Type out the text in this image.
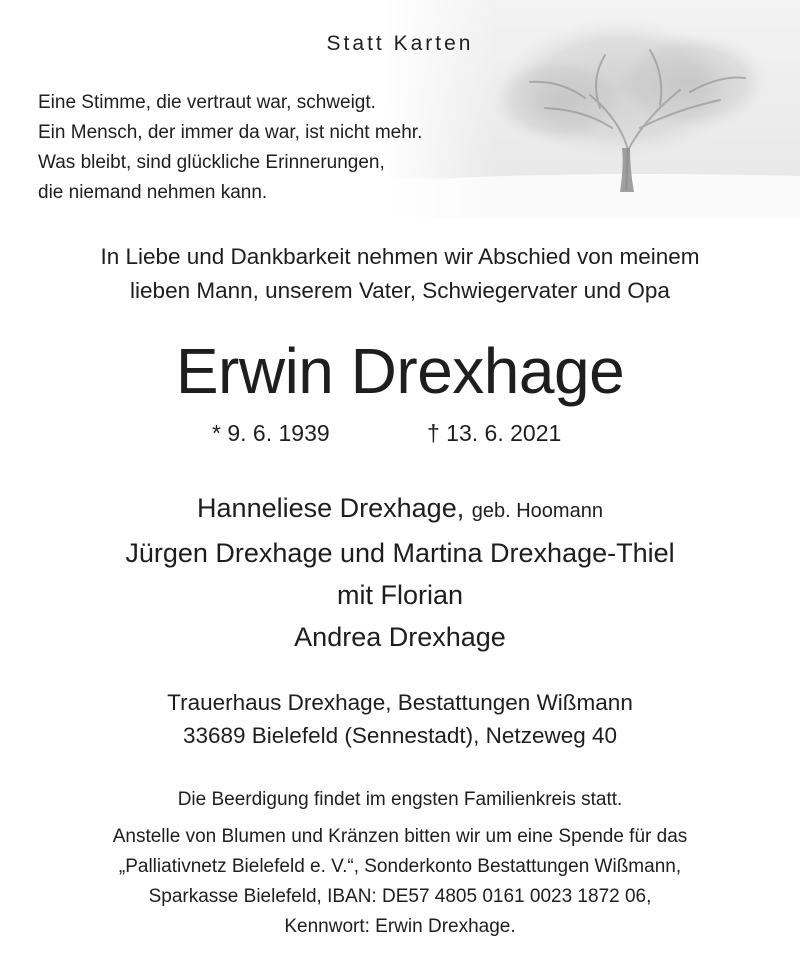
Statt Karten
Eine Stimme, die vertraut war, schweigt.
Ein Mensch, der immer da war, ist nicht mehr.
Was bleibt, sind glückliche Erinnerungen,
die niemand nehmen kann.
In Liebe und Dankbarkeit nehmen wir Abschied von meinem
lieben Mann, unserem Vater, Schwiegervater und Opa
Erwin Drexhage
* 9. 6. 1939	† 13. 6. 2021
Hanneliese Drexhage, geb. Hoomann
Jürgen Drexhage und Martina Drexhage-Thiel
mit Florian
Andrea Drexhage
Trauerhaus Drexhage, Bestattungen Wißmann
33689 Bielefeld (Sennestadt), Netzeweg 40
Die Beerdigung findet im engsten Familienkreis statt.
Anstelle von Blumen und Kränzen bitten wir um eine Spende für das
„Palliativnetz Bielefeld e. V.“, Sonderkonto Bestattungen Wißmann,
Sparkasse Bielefeld, IBAN: DE57 4805 0161 0023 1872 06,
Kennwort: Erwin Drexhage.
